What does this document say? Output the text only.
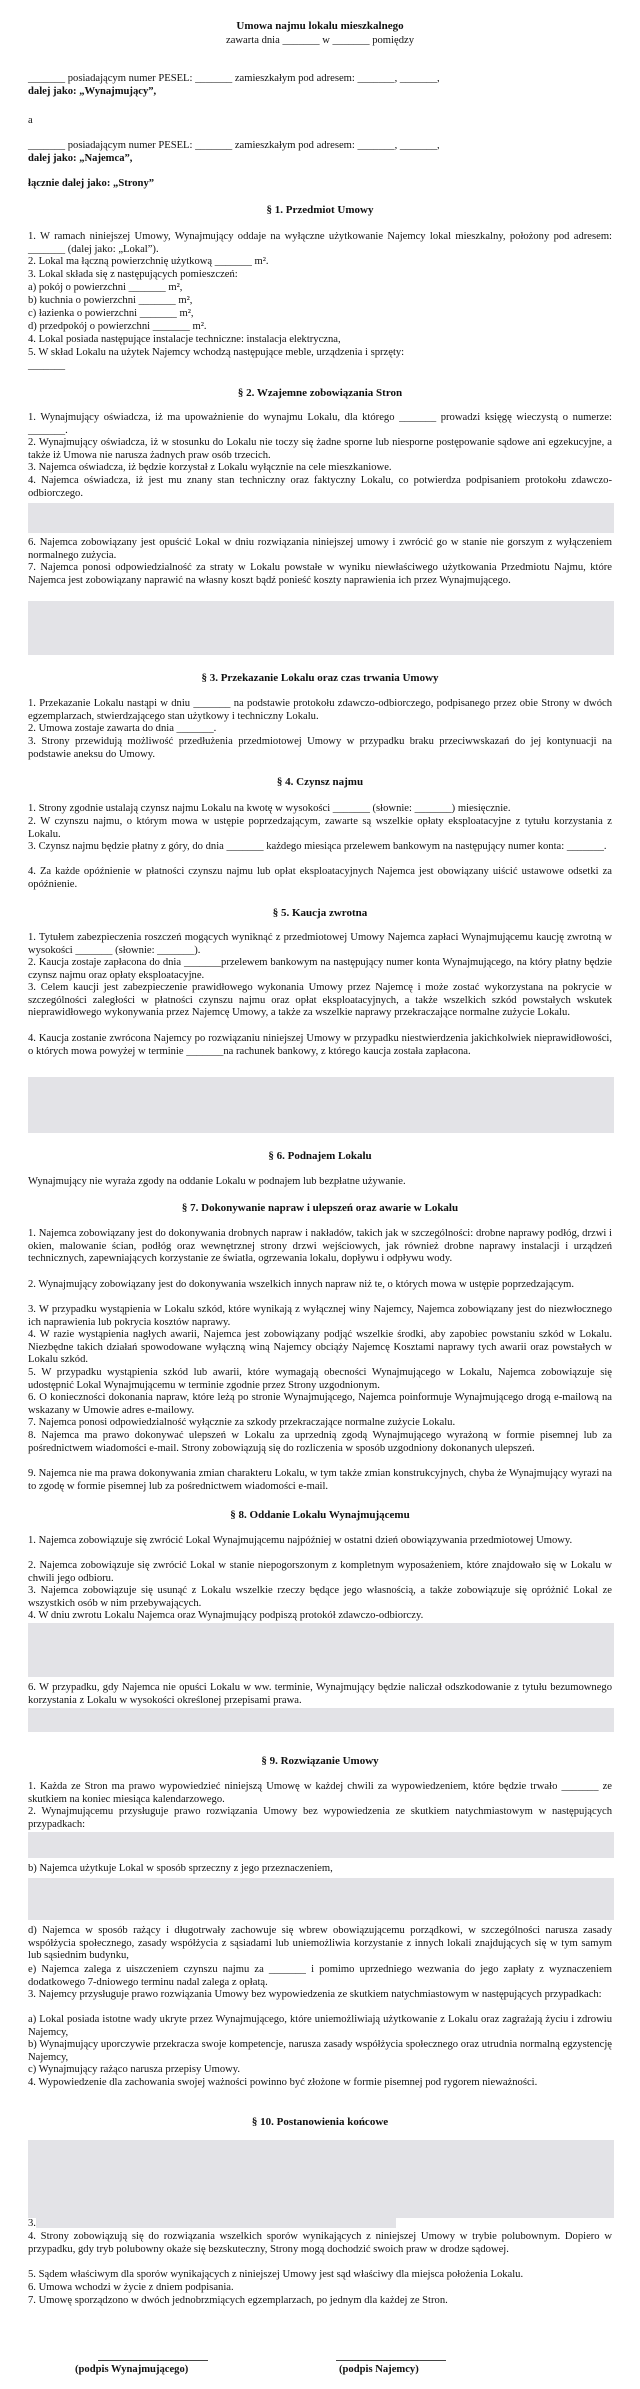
Umowa najmu lokalu mieszkalnego
zawarta dnia _______ w _______ pomiędzy
_______ posiadającym numer PESEL: _______ zamieszkałym pod adresem: _______, _______,
dalej jako: „Wynajmujący”,
a
_______ posiadającym numer PESEL: _______ zamieszkałym pod adresem: _______, _______,
dalej jako: „Najemca”,
łącznie dalej jako: „Strony”
§ 1. Przedmiot Umowy
1. W ramach niniejszej Umowy, Wynajmujący oddaje na wyłączne użytkowanie Najemcy lokal mieszkalny, położony pod adresem: _______ (dalej jako: „Lokal”).
2. Lokal ma łączną powierzchnię użytkową _______ m².
3. Lokal składa się z następujących pomieszczeń:
a) pokój o powierzchni _______ m²,
b) kuchnia o powierzchni _______ m²,
c) łazienka o powierzchni _______ m²,
d) przedpokój o powierzchni _______ m².
4. Lokal posiada następujące instalacje techniczne: instalacja elektryczna,
5. W skład Lokalu na użytek Najemcy wchodzą następujące meble, urządzenia i sprzęty:
_______
§ 2. Wzajemne zobowiązania Stron
1. Wynajmujący oświadcza, iż ma upoważnienie do wynajmu Lokalu, dla którego _______ prowadzi księgę wieczystą o numerze: _______.
2. Wynajmujący oświadcza, iż w stosunku do Lokalu nie toczy się żadne sporne lub niesporne postępowanie sądowe ani egzekucyjne, a także iż Umowa nie narusza żadnych praw osób trzecich.
3. Najemca oświadcza, iż będzie korzystał z Lokalu wyłącznie na cele mieszkaniowe.
4. Najemca oświadcza, iż jest mu znany stan techniczny oraz faktyczny Lokalu, co potwierdza podpisaniem protokołu zdawczo-odbiorczego.
6. Najemca zobowiązany jest opuścić Lokal w dniu rozwiązania niniejszej umowy i zwrócić go w stanie nie gorszym z wyłączeniem normalnego zużycia.
7. Najemca ponosi odpowiedzialność za straty w Lokalu powstałe w wyniku niewłaściwego użytkowania Przedmiotu Najmu, które Najemca jest zobowiązany naprawić na własny koszt bądź ponieść koszty naprawienia ich przez Wynajmującego.
§ 3. Przekazanie Lokalu oraz czas trwania Umowy
1. Przekazanie Lokalu nastąpi w dniu _______ na podstawie protokołu zdawczo-odbiorczego, podpisanego przez obie Strony w dwóch egzemplarzach, stwierdzającego stan użytkowy i techniczny Lokalu.
2. Umowa zostaje zawarta do dnia _______.
3. Strony przewidują możliwość przedłużenia przedmiotowej Umowy w przypadku braku przeciwwskazań do jej kontynuacji na podstawie aneksu do Umowy.
§ 4. Czynsz najmu
1. Strony zgodnie ustalają czynsz najmu Lokalu na kwotę w wysokości _______ (słownie: _______) miesięcznie.
2. W czynszu najmu, o którym mowa w ustępie poprzedzającym, zawarte są wszelkie opłaty eksploatacyjne z tytułu korzystania z Lokalu.
3. Czynsz najmu będzie płatny z góry, do dnia _______ każdego miesiąca przelewem bankowym na następujący numer konta: _______.
4. Za każde opóźnienie w płatności czynszu najmu lub opłat eksploatacyjnych Najemca jest obowiązany uiścić ustawowe odsetki za opóźnienie.
§ 5. Kaucja zwrotna
1. Tytułem zabezpieczenia roszczeń mogących wyniknąć z przedmiotowej Umowy Najemca zapłaci Wynajmującemu kaucję zwrotną w wysokości _______ (słownie: _______).
2. Kaucja zostaje zapłacona do dnia _______przelewem bankowym na następujący numer konta Wynajmującego, na który płatny będzie czynsz najmu oraz opłaty eksploatacyjne.
3. Celem kaucji jest zabezpieczenie prawidłowego wykonania Umowy przez Najemcę i może zostać wykorzystana na pokrycie w szczególności zaległości w płatności czynszu najmu oraz opłat eksploatacyjnych, a także wszelkich szkód powstałych wskutek nieprawidłowego wykonywania przez Najemcę Umowy, a także za wszelkie naprawy przekraczające normalne zużycie Lokalu.
4. Kaucja zostanie zwrócona Najemcy po rozwiązaniu niniejszej Umowy w przypadku niestwierdzenia jakichkolwiek nieprawidłowości, o których mowa powyżej w terminie _______na rachunek bankowy, z którego kaucja została zapłacona.
§ 6. Podnajem Lokalu
Wynajmujący nie wyraża zgody na oddanie Lokalu w podnajem lub bezpłatne używanie.
§ 7. Dokonywanie napraw i ulepszeń oraz awarie w Lokalu
1. Najemca zobowiązany jest do dokonywania drobnych napraw i nakładów, takich jak w szczególności: drobne naprawy podłóg, drzwi i okien, malowanie ścian, podłóg oraz wewnętrznej strony drzwi wejściowych, jak również drobne naprawy instalacji i urządzeń technicznych, zapewniających korzystanie ze światła, ogrzewania lokalu, dopływu i odpływu wody.
2. Wynajmujący zobowiązany jest do dokonywania wszelkich innych napraw niż te, o których mowa w ustępie poprzedzającym.
3. W przypadku wystąpienia w Lokalu szkód, które wynikają z wyłącznej winy Najemcy, Najemca zobowiązany jest do niezwłocznego ich naprawienia lub pokrycia kosztów naprawy.
4. W razie wystąpienia nagłych awarii, Najemca jest zobowiązany podjąć wszelkie środki, aby zapobiec powstaniu szkód w Lokalu. Niezbędne takich działań spowodowane wyłączną winą Najemcy obciąży Najemcę Kosztami naprawy tych awarii oraz powstałych w Lokalu szkód.
5. W przypadku wystąpienia szkód lub awarii, które wymagają obecności Wynajmującego w Lokalu, Najemca zobowiązuje się udostępnić Lokal Wynajmującemu w terminie zgodnie przez Strony uzgodnionym.
6. O konieczności dokonania napraw, które leżą po stronie Wynajmującego, Najemca poinformuje Wynajmującego drogą e-mailową na wskazany w Umowie adres e-mailowy.
7. Najemca ponosi odpowiedzialność wyłącznie za szkody przekraczające normalne zużycie Lokalu.
8. Najemca ma prawo dokonywać ulepszeń w Lokalu za uprzednią zgodą Wynajmującego wyrażoną w formie pisemnej lub za pośrednictwem wiadomości e-mail. Strony zobowiązują się do rozliczenia w sposób uzgodniony dokonanych ulepszeń.
9. Najemca nie ma prawa dokonywania zmian charakteru Lokalu, w tym także zmian konstrukcyjnych, chyba że Wynajmujący wyrazi na to zgodę w formie pisemnej lub za pośrednictwem wiadomości e-mail.
§ 8. Oddanie Lokalu Wynajmującemu
1. Najemca zobowiązuje się zwrócić Lokal Wynajmującemu najpóźniej w ostatni dzień obowiązywania przedmiotowej Umowy.
2. Najemca zobowiązuje się zwrócić Lokal w stanie niepogorszonym z kompletnym wyposażeniem, które znajdowało się w Lokalu w chwili jego odbioru.
3. Najemca zobowiązuje się usunąć z Lokalu wszelkie rzeczy będące jego własnością, a także zobowiązuje się opróżnić Lokal ze wszystkich osób w nim przebywających.
4. W dniu zwrotu Lokalu Najemca oraz Wynajmujący podpiszą protokół zdawczo-odbiorczy.
6. W przypadku, gdy Najemca nie opuści Lokalu w ww. terminie, Wynajmujący będzie naliczał odszkodowanie z tytułu bezumownego korzystania z Lokalu w wysokości określonej przepisami prawa.
§ 9. Rozwiązanie Umowy
1. Każda ze Stron ma prawo wypowiedzieć niniejszą Umowę w każdej chwili za wypowiedzeniem, które będzie trwało _______ ze skutkiem na koniec miesiąca kalendarzowego.
2. Wynajmującemu przysługuje prawo rozwiązania Umowy bez wypowiedzenia ze skutkiem natychmiastowym w następujących przypadkach:
b) Najemca użytkuje Lokal w sposób sprzeczny z jego przeznaczeniem,
d) Najemca w sposób rażący i długotrwały zachowuje się wbrew obowiązującemu porządkowi, w szczególności narusza zasady współżycia społecznego, zasady współżycia z sąsiadami lub uniemożliwia korzystanie z innych lokali znajdujących się w tym samym lub sąsiednim budynku,
e) Najemca zalega z uiszczeniem czynszu najmu za _______ i pomimo uprzedniego wezwania do jego zapłaty z wyznaczeniem dodatkowego 7-dniowego terminu nadal zalega z opłatą.
3. Najemcy przysługuje prawo rozwiązania Umowy bez wypowiedzenia ze skutkiem natychmiastowym w następujących przypadkach:
a) Lokal posiada istotne wady ukryte przez Wynajmującego, które uniemożliwiają użytkowanie z Lokalu oraz zagrażają życiu i zdrowiu Najemcy,
b) Wynajmujący uporczywie przekracza swoje kompetencje, narusza zasady współżycia społecznego oraz utrudnia normalną egzystencję Najemcy,
c) Wynajmujący rażąco narusza przepisy Umowy.
4. Wypowiedzenie dla zachowania swojej ważności powinno być złożone w formie pisemnej pod rygorem nieważności.
§ 10. Postanowienia końcowe
3.
4. Strony zobowiązują się do rozwiązania wszelkich sporów wynikających z niniejszej Umowy w trybie polubownym. Dopiero w przypadku, gdy tryb polubowny okaże się bezskuteczny, Strony mogą dochodzić swoich praw w drodze sądowej.
5. Sądem właściwym dla sporów wynikających z niniejszej Umowy jest sąd właściwy dla miejsca położenia Lokalu.
6. Umowa wchodzi w życie z dniem podpisania.
7. Umowę sporządzono w dwóch jednobrzmiących egzemplarzach, po jednym dla każdej ze Stron.
(podpis Wynajmującego)	(podpis Najemcy)
